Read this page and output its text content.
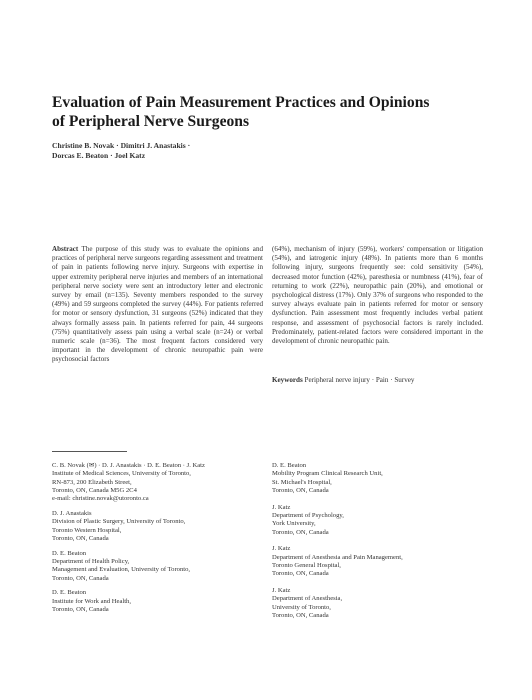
Evaluation of Pain Measurement Practices and Opinions
of Peripheral Nerve Surgeons
Christine B. Novak · Dimitri J. Anastakis ·
Dorcas E. Beaton · Joel Katz
Abstract The purpose of this study was to evaluate the opinions and practices of peripheral nerve surgeons regarding assessment and treatment of pain in patients following nerve injury. Surgeons with expertise in upper extremity peripheral nerve injuries and members of an international peripheral nerve society were sent an introductory letter and electronic survey by email (n=135). Seventy members responded to the survey (49%) and 59 surgeons completed the survey (44%). For patients referred for motor or sensory dysfunction, 31 surgeons (52%) indicated that they always formally assess pain. In patients referred for pain, 44 surgeons (75%) quantitatively assess pain using a verbal scale (n=24) or verbal numeric scale (n=36). The most frequent factors considered very important in the development of chronic neuropathic pain were psychosocial factors
(64%), mechanism of injury (59%), workers' compensation or litigation (54%), and iatrogenic injury (48%). In patients more than 6 months following injury, surgeons frequently see: cold sensitivity (54%), decreased motor function (42%), paresthesia or numbness (41%), fear of returning to work (22%), neuropathic pain (20%), and emotional or psychological distress (17%). Only 37% of surgeons who responded to the survey always evaluate pain in patients referred for motor or sensory dysfunction. Pain assessment most frequently includes verbal patient response, and assessment of psychosocial factors is rarely included. Predominately, patient-related factors were considered important in the development of chronic neuropathic pain.
Keywords Peripheral nerve injury · Pain · Survey
C. B. Novak (✉) · D. J. Anastakis · D. E. Beaton · J. Katz
Institute of Medical Sciences, University of Toronto,
RN-873, 200 Elizabeth Street,
Toronto, ON, Canada M5G 2C4
e-mail: christine.novak@utoronto.ca
D. J. Anastakis
Division of Plastic Surgery, University of Toronto,
Toronto Western Hospital,
Toronto, ON, Canada
D. E. Beaton
Department of Health Policy,
Management and Evaluation, University of Toronto,
Toronto, ON, Canada
D. E. Beaton
Institute for Work and Health,
Toronto, ON, Canada
D. E. Beaton
Mobility Program Clinical Research Unit,
St. Michael's Hospital,
Toronto, ON, Canada
J. Katz
Department of Psychology,
York University,
Toronto, ON, Canada
J. Katz
Department of Anesthesia and Pain Management,
Toronto General Hospital,
Toronto, ON, Canada
J. Katz
Department of Anesthesia,
University of Toronto,
Toronto, ON, Canada
